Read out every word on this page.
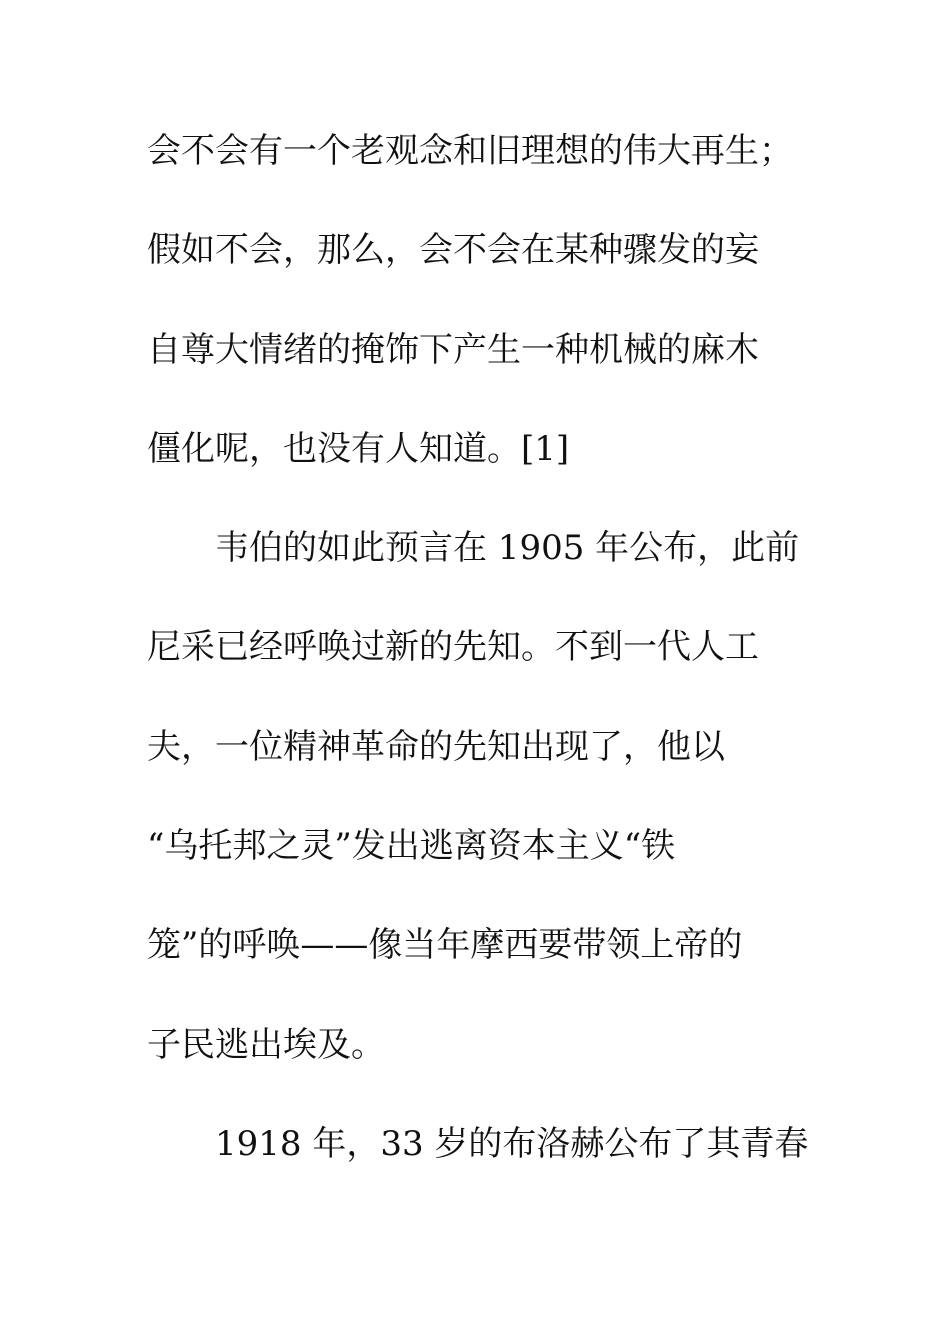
会不会有一个老观念和旧理想的伟大再生；

假如不会，那么，会不会在某种骤发的妄

自尊大情绪的掩饰下产生一种机械的麻木

僵化呢，也没有人知道。[1]

韦伯的如此预言在 1905 年公布，此前

尼采已经呼唤过新的先知。不到一代人工

夫，一位精神革命的先知出现了，他以

“乌托邦之灵”发出逃离资本主义“铁

笼”的呼唤——像当年摩西要带领上帝的

子民逃出埃及。

1918 年，33 岁的布洛赫公布了其青春
